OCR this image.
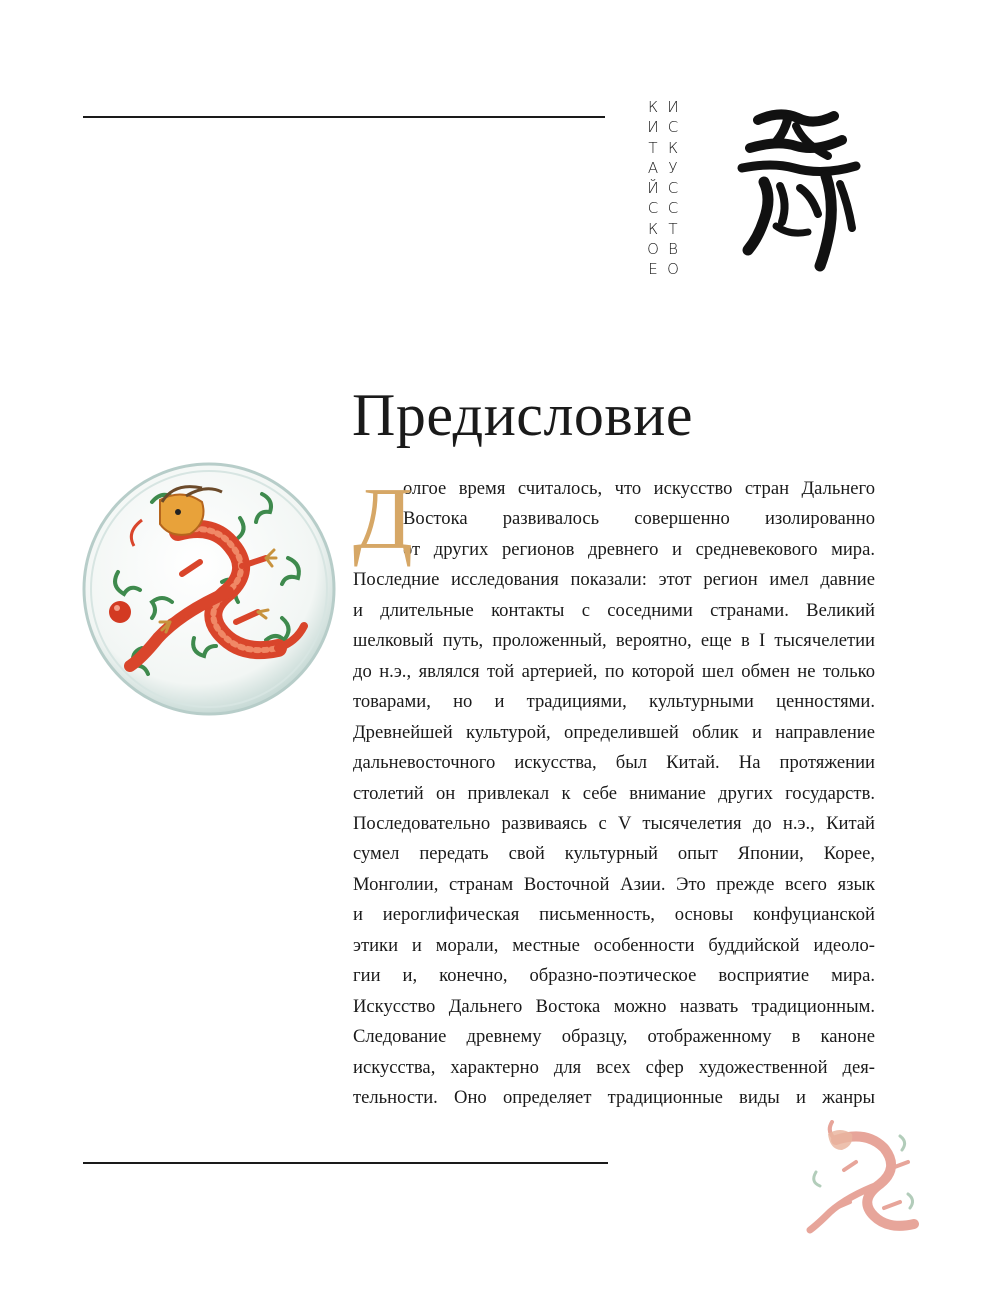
К
И
Т
А
Й
С
К
О
Е
И
С
К
У
С
С
Т
В
О
Предисловие
Д
олгое время считалось, что искусство стран Дальнего
Востока развивалось совершенно изолированно
от других регионов древнего и средневекового мира.
Последние исследования показали: этот регион имел давние
и длительные контакты с соседними странами. Великий
шелковый путь, проложенный, вероятно, еще в I тысячелетии
до н.э., являлся той артерией, по которой шел обмен не только
товарами, но и традициями, культурными ценностями.
Древнейшей культурой, определившей облик и направление
дальневосточного искусства, был Китай. На протяжении
столетий он привлекал к себе внимание других государств.
Последовательно развиваясь с V тысячелетия до н.э., Китай
сумел передать свой культурный опыт Японии, Корее,
Монголии, странам Восточной Азии. Это прежде всего язык
и иероглифическая письменность, основы конфуцианской
этики и морали, местные особенности буддийской идеоло-
гии и, конечно, образно-поэтическое восприятие мира.
Искусство Дальнего Востока можно назвать традиционным.
Следование древнему образцу, отображенному в каноне
искусства, характерно для всех сфер художественной дея-
тельности. Оно определяет традиционные виды и жанры
